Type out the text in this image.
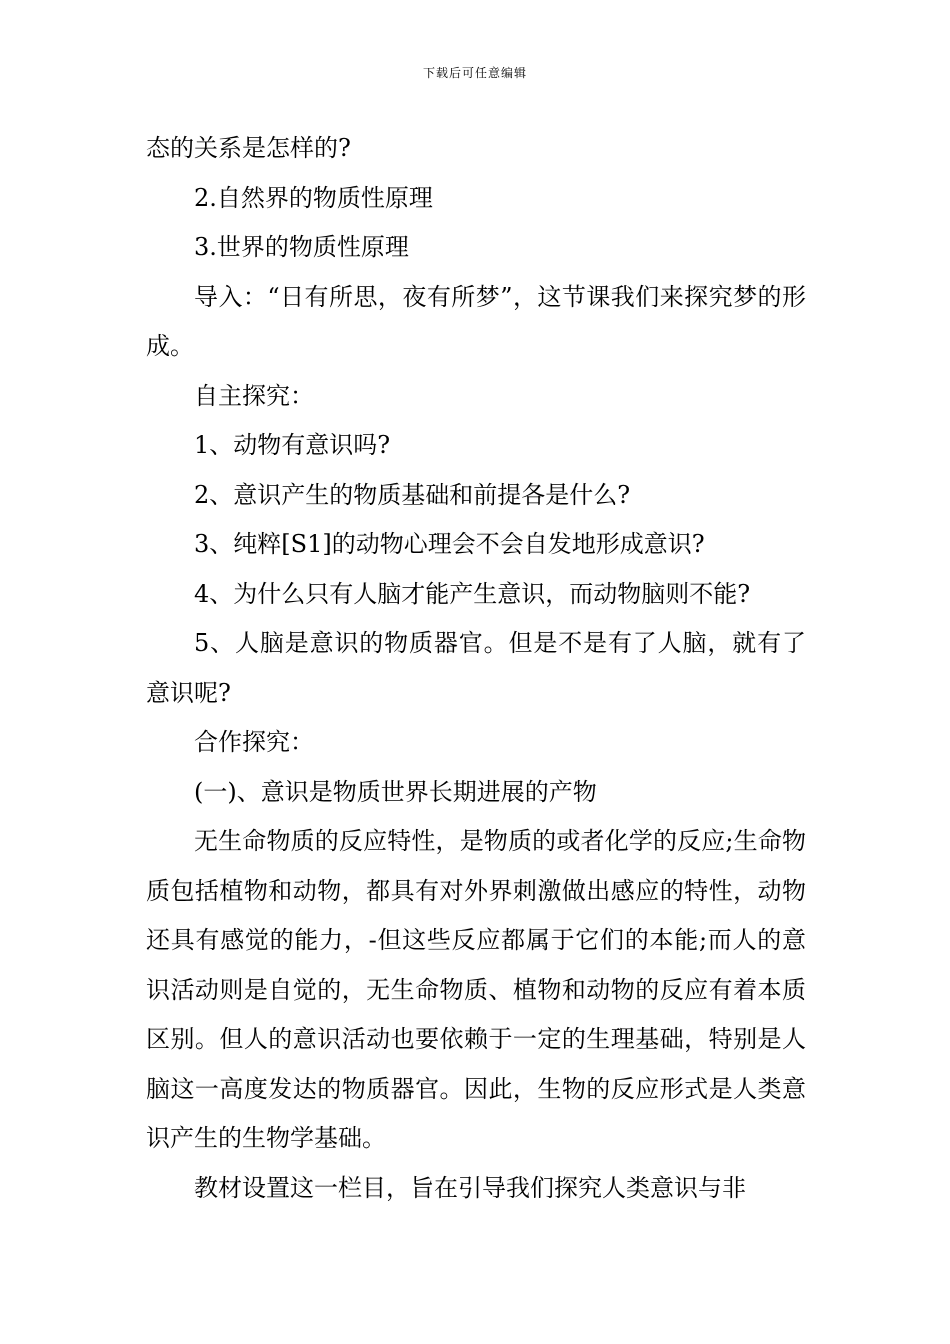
下载后可任意编辑

态的关系是怎样的?

2.自然界的物质性原理

3.世界的物质性原理

导入：“日有所思，夜有所梦”，这节课我们来探究梦的形成。

自主探究：

1、动物有意识吗?

2、意识产生的物质基础和前提各是什么?

3、纯粹[S1]的动物心理会不会自发地形成意识?

4、为什么只有人脑才能产生意识，而动物脑则不能?

5、人脑是意识的物质器官。但是不是有了人脑，就有了意识呢?

合作探究：

(一)、意识是物质世界长期进展的产物

无生命物质的反应特性，是物质的或者化学的反应;生命物质包括植物和动物，都具有对外界刺激做出感应的特性，动物还具有感觉的能力，-但这些反应都属于它们的本能;而人的意识活动则是自觉的，无生命物质、植物和动物的反应有着本质区别。但人的意识活动也要依赖于一定的生理基础，特别是人脑这一高度发达的物质器官。因此，生物的反应形式是人类意识产生的生物学基础。

教材设置这一栏目，旨在引导我们探究人类意识与非
